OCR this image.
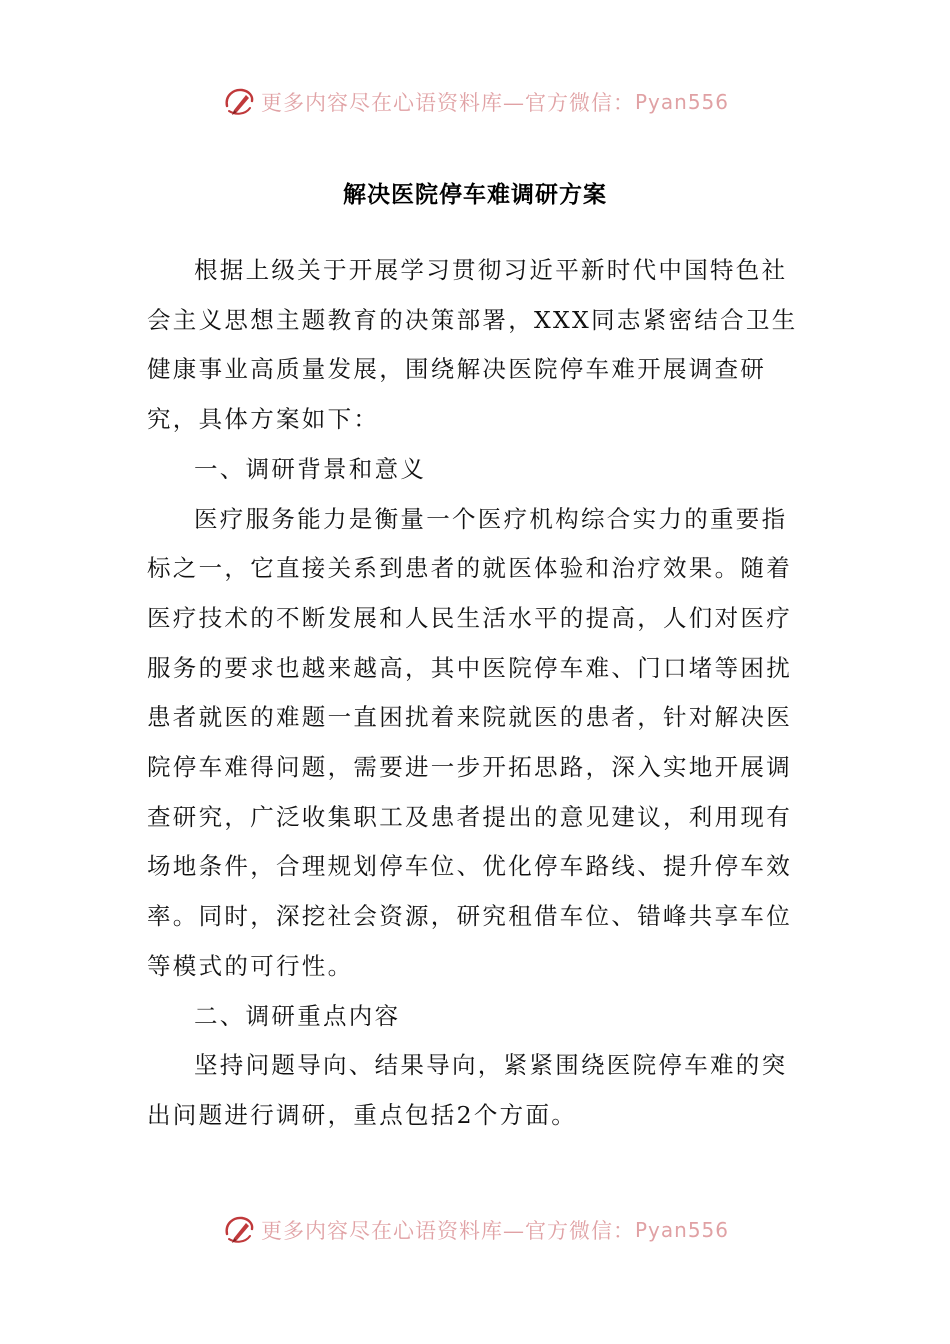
更多内容尽在心语资料库—官方微信： Pyan556
解决医院停车难调研方案

根据上级关于开展学习贯彻习近平新时代中国特色社会主义思想主题教育的决策部署，XXX同志紧密结合卫生健康事业高质量发展，围绕解决医院停车难开展调查研究，具体方案如下：

一、调研背景和意义

医疗服务能力是衡量一个医疗机构综合实力的重要指标之一，它直接关系到患者的就医体验和治疗效果。随着医疗技术的不断发展和人民生活水平的提高，人们对医疗服务的要求也越来越高，其中医院停车难、门口堵等困扰患者就医的难题一直困扰着来院就医的患者，针对解决医院停车难得问题，需要进一步开拓思路，深入实地开展调查研究，广泛收集职工及患者提出的意见建议，利用现有场地条件，合理规划停车位、优化停车路线、提升停车效率。同时，深挖社会资源，研究租借车位、错峰共享车位等模式的可行性。

二、调研重点内容

坚持问题导向、结果导向，紧紧围绕医院停车难的突出问题进行调研，重点包括2个方面。

更多内容尽在心语资料库—官方微信： Pyan556
